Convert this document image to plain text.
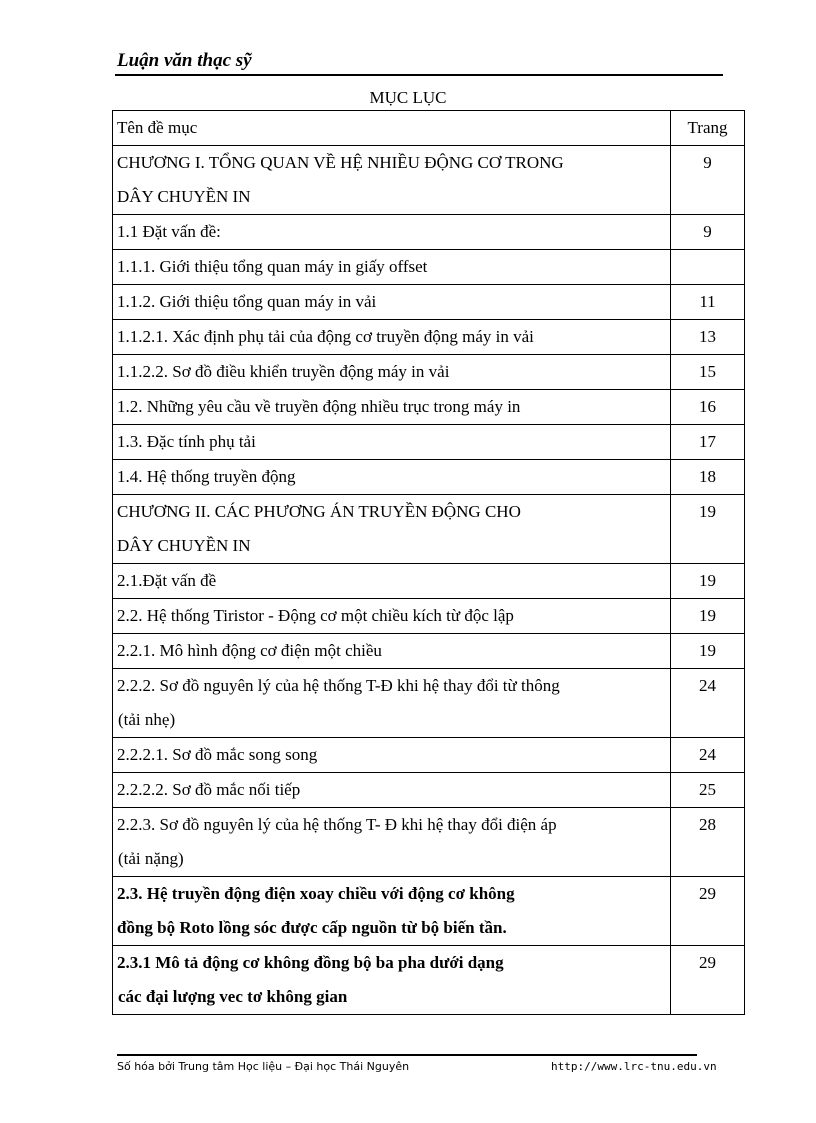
Luận văn thạc sỹ
MỤC LỤC
Tên đề mục	Trang
CHƯƠNG I. TỔNG QUAN VỀ HỆ NHIỀU ĐỘNG CƠ TRONG
DÂY CHUYỀN IN	9
1.1 Đặt vấn đề:	9
1.1.1. Giới thiệu tổng quan máy in giấy offset	
1.1.2. Giới thiệu tổng quan máy in vải	11
1.1.2.1. Xác định phụ tải của động cơ truyền động máy in vải	13
1.1.2.2. Sơ đồ điều khiển truyền động máy in vải	15
1.2. Những yêu cầu về truyền động nhiều trục trong máy in	16
1.3. Đặc tính phụ tải	17
1.4. Hệ thống truyền động	18
CHƯƠNG II. CÁC PHƯƠNG ÁN TRUYỀN ĐỘNG CHO
DÂY CHUYỀN IN	19
2.1.Đặt vấn đề	19
2.2. Hệ thống Tiristor - Động cơ một chiều kích từ độc lập	19
2.2.1. Mô hình động cơ điện một chiều	19
2.2.2. Sơ đồ nguyên lý của hệ thống T-Đ khi hệ thay đổi từ thông
(tải nhẹ)	24
2.2.2.1. Sơ đồ mắc song song	24
2.2.2.2. Sơ đồ mắc nối tiếp	25
2.2.3. Sơ đồ nguyên lý của hệ thống T- Đ khi hệ thay đổi điện áp
(tải nặng)	28
2.3. Hệ truyền động điện xoay chiều với động cơ không
đồng bộ Roto lồng sóc được cấp nguồn từ bộ biến tần.	29
2.3.1 Mô tả động cơ không đồng bộ ba pha dưới dạng
các đại lượng vec tơ không gian	29
Số hóa bởi Trung tâm Học liệu – Đại học Thái Nguyên	http://www.lrc-tnu.edu.vn
